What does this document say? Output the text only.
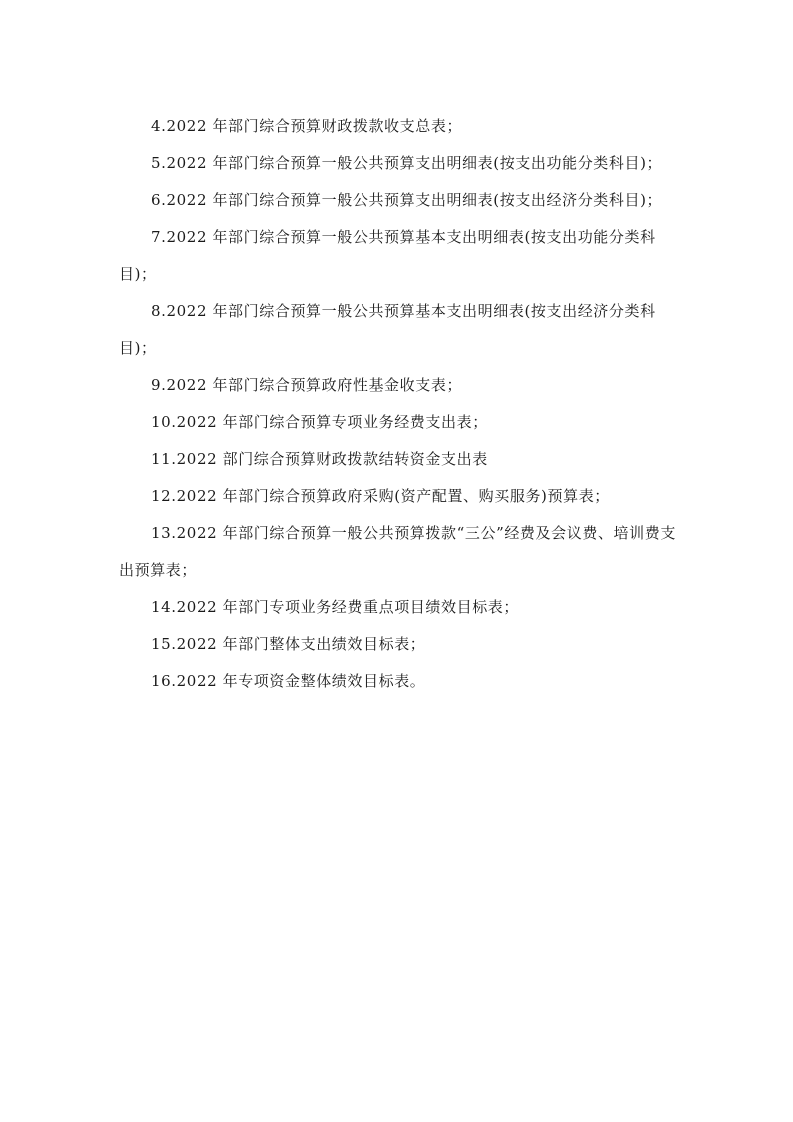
4.2022 年部门综合预算财政拨款收支总表；

5.2022 年部门综合预算一般公共预算支出明细表(按支出功能分类科目)；

6.2022 年部门综合预算一般公共预算支出明细表(按支出经济分类科目)；

7.2022 年部门综合预算一般公共预算基本支出明细表(按支出功能分类科目)；

8.2022 年部门综合预算一般公共预算基本支出明细表(按支出经济分类科目)；

9.2022 年部门综合预算政府性基金收支表；

10.2022 年部门综合预算专项业务经费支出表；

11.2022 部门综合预算财政拨款结转资金支出表

12.2022 年部门综合预算政府采购(资产配置、购买服务)预算表；

13.2022 年部门综合预算一般公共预算拨款“三公”经费及会议费、培训费支出预算表；

14.2022 年部门专项业务经费重点项目绩效目标表；

15.2022 年部门整体支出绩效目标表；

16.2022 年专项资金整体绩效目标表。
